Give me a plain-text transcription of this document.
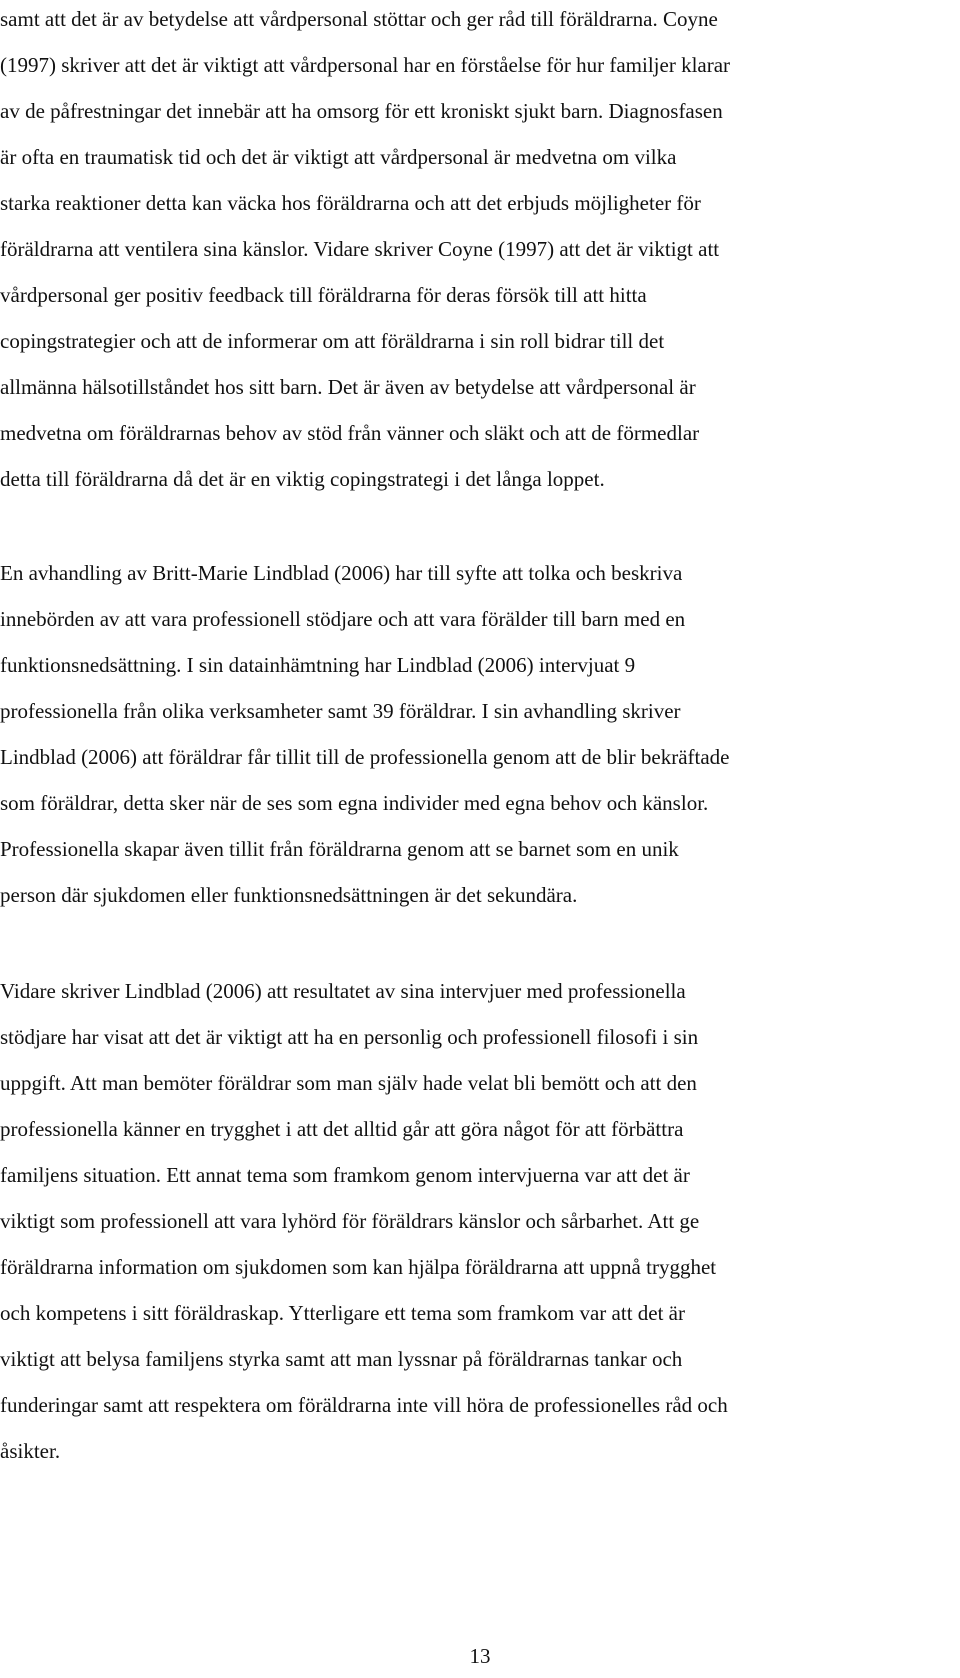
samt att det är av betydelse att vårdpersonal stöttar och ger råd till föräldrarna. Coyne
(1997) skriver att det är viktigt att vårdpersonal har en förståelse för hur familjer klarar
av de påfrestningar det innebär att ha omsorg för ett kroniskt sjukt barn. Diagnosfasen
är ofta en traumatisk tid och det är viktigt att vårdpersonal är medvetna om vilka
starka reaktioner detta kan väcka hos föräldrarna och att det erbjuds möjligheter för
föräldrarna att ventilera sina känslor. Vidare skriver Coyne (1997) att det är viktigt att
vårdpersonal ger positiv feedback till föräldrarna för deras försök till att hitta
copingstrategier och att de informerar om att föräldrarna i sin roll bidrar till det
allmänna hälsotillståndet hos sitt barn. Det är även av betydelse att vårdpersonal är
medvetna om föräldrarnas behov av stöd från vänner och släkt och att de förmedlar
detta till föräldrarna då det är en viktig copingstrategi i det långa loppet.

En avhandling av Britt-Marie Lindblad (2006) har till syfte att tolka och beskriva
innebörden av att vara professionell stödjare och att vara förälder till barn med en
funktionsnedsättning. I sin datainhämtning har Lindblad (2006) intervjuat 9
professionella från olika verksamheter samt 39 föräldrar. I sin avhandling skriver
Lindblad (2006) att föräldrar får tillit till de professionella genom att de blir bekräftade
som föräldrar, detta sker när de ses som egna individer med egna behov och känslor.
Professionella skapar även tillit från föräldrarna genom att se barnet som en unik
person där sjukdomen eller funktionsnedsättningen är det sekundära.

Vidare skriver Lindblad (2006) att resultatet av sina intervjuer med professionella
stödjare har visat att det är viktigt att ha en personlig och professionell filosofi i sin
uppgift. Att man bemöter föräldrar som man själv hade velat bli bemött och att den
professionella känner en trygghet i att det alltid går att göra något för att förbättra
familjens situation. Ett annat tema som framkom genom intervjuerna var att det är
viktigt som professionell att vara lyhörd för föräldrars känslor och sårbarhet. Att ge
föräldrarna information om sjukdomen som kan hjälpa föräldrarna att uppnå trygghet
och kompetens i sitt föräldraskap. Ytterligare ett tema som framkom var att det är
viktigt att belysa familjens styrka samt att man lyssnar på föräldrarnas tankar och
funderingar samt att respektera om föräldrarna inte vill höra de professionelles råd och
åsikter.

13
